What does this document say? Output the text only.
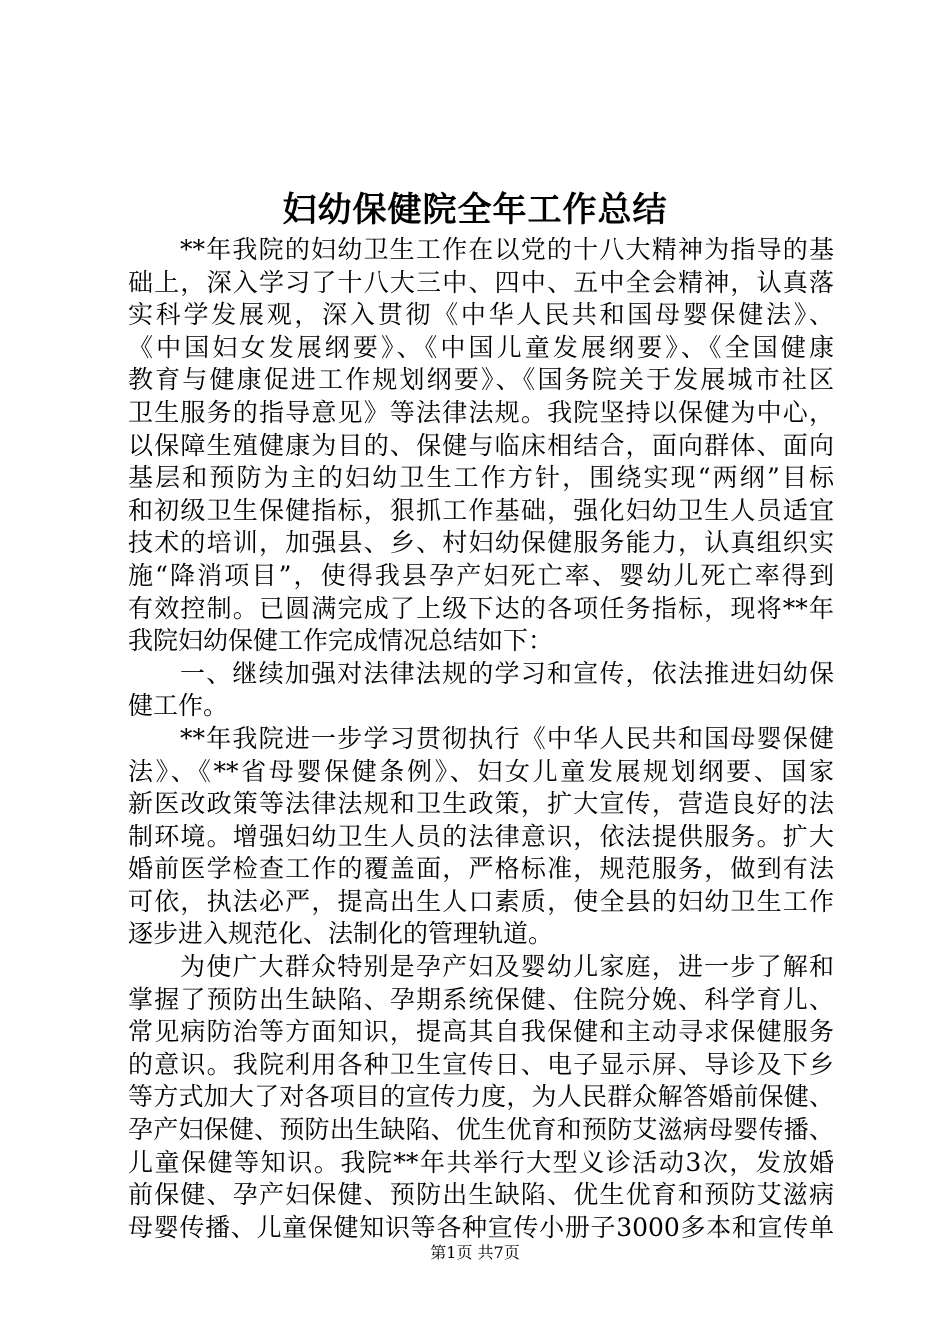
妇幼保健院全年工作总结
**年我院的妇幼卫生工作在以党的十八大精神为指导的基
础上，深入学习了十八大三中、四中、五中全会精神，认真落
实科学发展观，深入贯彻《中华人民共和国母婴保健法》、
《中国妇女发展纲要》、《中国儿童发展纲要》、《全国健康
教育与健康促进工作规划纲要》、《国务院关于发展城市社区
卫生服务的指导意见》等法律法规。我院坚持以保健为中心，
以保障生殖健康为目的、保健与临床相结合，面向群体、面向
基层和预防为主的妇幼卫生工作方针，围绕实现“两纲”目标
和初级卫生保健指标，狠抓工作基础，强化妇幼卫生人员适宜
技术的培训，加强县、乡、村妇幼保健服务能力，认真组织实
施“降消项目”，使得我县孕产妇死亡率、婴幼儿死亡率得到
有效控制。已圆满完成了上级下达的各项任务指标，现将**年
我院妇幼保健工作完成情况总结如下：
一、继续加强对法律法规的学习和宣传，依法推进妇幼保
健工作。
**年我院进一步学习贯彻执行《中华人民共和国母婴保健
法》、《**省母婴保健条例》、妇女儿童发展规划纲要、国家
新医改政策等法律法规和卫生政策，扩大宣传，营造良好的法
制环境。增强妇幼卫生人员的法律意识，依法提供服务。扩大
婚前医学检查工作的覆盖面，严格标准，规范服务，做到有法
可依，执法必严，提高出生人口素质，使全县的妇幼卫生工作
逐步进入规范化、法制化的管理轨道。
为使广大群众特别是孕产妇及婴幼儿家庭，进一步了解和
掌握了预防出生缺陷、孕期系统保健、住院分娩、科学育儿、
常见病防治等方面知识，提高其自我保健和主动寻求保健服务
的意识。我院利用各种卫生宣传日、电子显示屏、导诊及下乡
等方式加大了对各项目的宣传力度，为人民群众解答婚前保健、
孕产妇保健、预防出生缺陷、优生优育和预防艾滋病母婴传播、
儿童保健等知识。我院**年共举行大型义诊活动3次，发放婚
前保健、孕产妇保健、预防出生缺陷、优生优育和预防艾滋病
母婴传播、儿童保健知识等各种宣传小册子3000多本和宣传单
第1页 共7页
